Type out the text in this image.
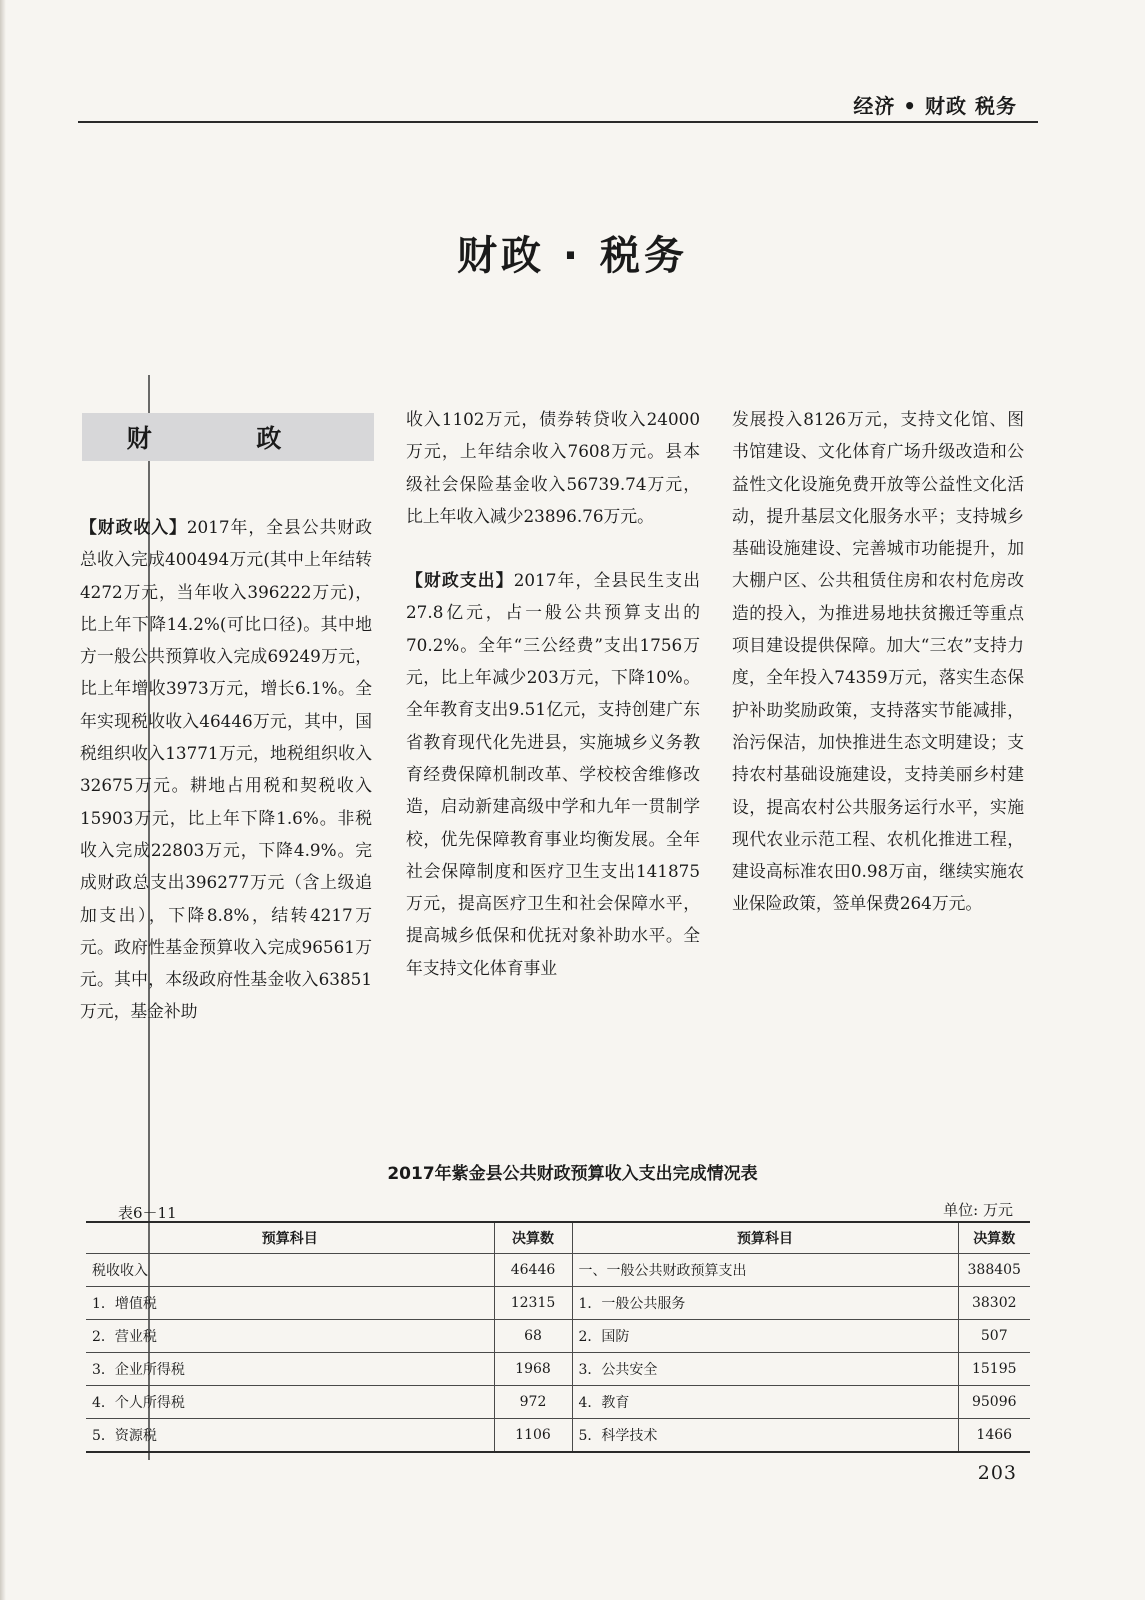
经济 • 财政 税务
财政 · 税务
财 政

【财政收入】2017年，全县公共财政总收入完成400494万元(其中上年结转4272万元，当年收入396222万元)，比上年下降14.2%(可比口径)。其中地方一般公共预算收入完成69249万元，比上年增收3973万元，增长6.1%。全年实现税收收入46446万元，其中，国税组织收入13771万元，地税组织收入32675万元。耕地占用税和契税收入15903万元，比上年下降1.6%。非税收入完成22803万元，下降4.9%。完成财政总支出396277万元（含上级追加支出），下降8.8%，结转4217万元。政府性基金预算收入完成96561万元。其中，本级政府性基金收入63851万元，基金补助

收入1102万元，债券转贷收入24000万元，上年结余收入7608万元。县本级社会保险基金收入56739.74万元，比上年收入减少23896.76万元。

【财政支出】2017年，全县民生支出27.8亿元，占一般公共预算支出的70.2%。全年“三公经费”支出1756万元，比上年减少203万元，下降10%。全年教育支出9.51亿元，支持创建广东省教育现代化先进县，实施城乡义务教育经费保障机制改革、学校校舍维修改造，启动新建高级中学和九年一贯制学校，优先保障教育事业均衡发展。全年社会保障制度和医疗卫生支出141875万元，提高医疗卫生和社会保障水平，提高城乡低保和优抚对象补助水平。全年支持文化体育事业

发展投入8126万元，支持文化馆、图书馆建设、文化体育广场升级改造和公益性文化设施免费开放等公益性文化活动，提升基层文化服务水平；支持城乡基础设施建设、完善城市功能提升，加大棚户区、公共租赁住房和农村危房改造的投入，为推进易地扶贫搬迁等重点项目建设提供保障。加大“三农”支持力度，全年投入74359万元，落实生态保护补助奖励政策，支持落实节能减排，治污保洁，加快推进生态文明建设；支持农村基础设施建设，支持美丽乡村建设，提高农村公共服务运行水平，实施现代农业示范工程、农机化推进工程，建设高标准农田0.98万亩，继续实施农业保险政策，签单保费264万元。

2017年紫金县公共财政预算收入支出完成情况表
表6－11	单位: 万元
预算科目	决算数	预算科目	决算数
税收收入	46446	一、一般公共财政预算支出	388405
1．增值税	12315	1．一般公共服务	38302
2．营业税	68	2．国防	507
3．企业所得税	1968	3．公共安全	15195
4．个人所得税	972	4．教育	95096
5．资源税	1106	5．科学技术	1466
203
